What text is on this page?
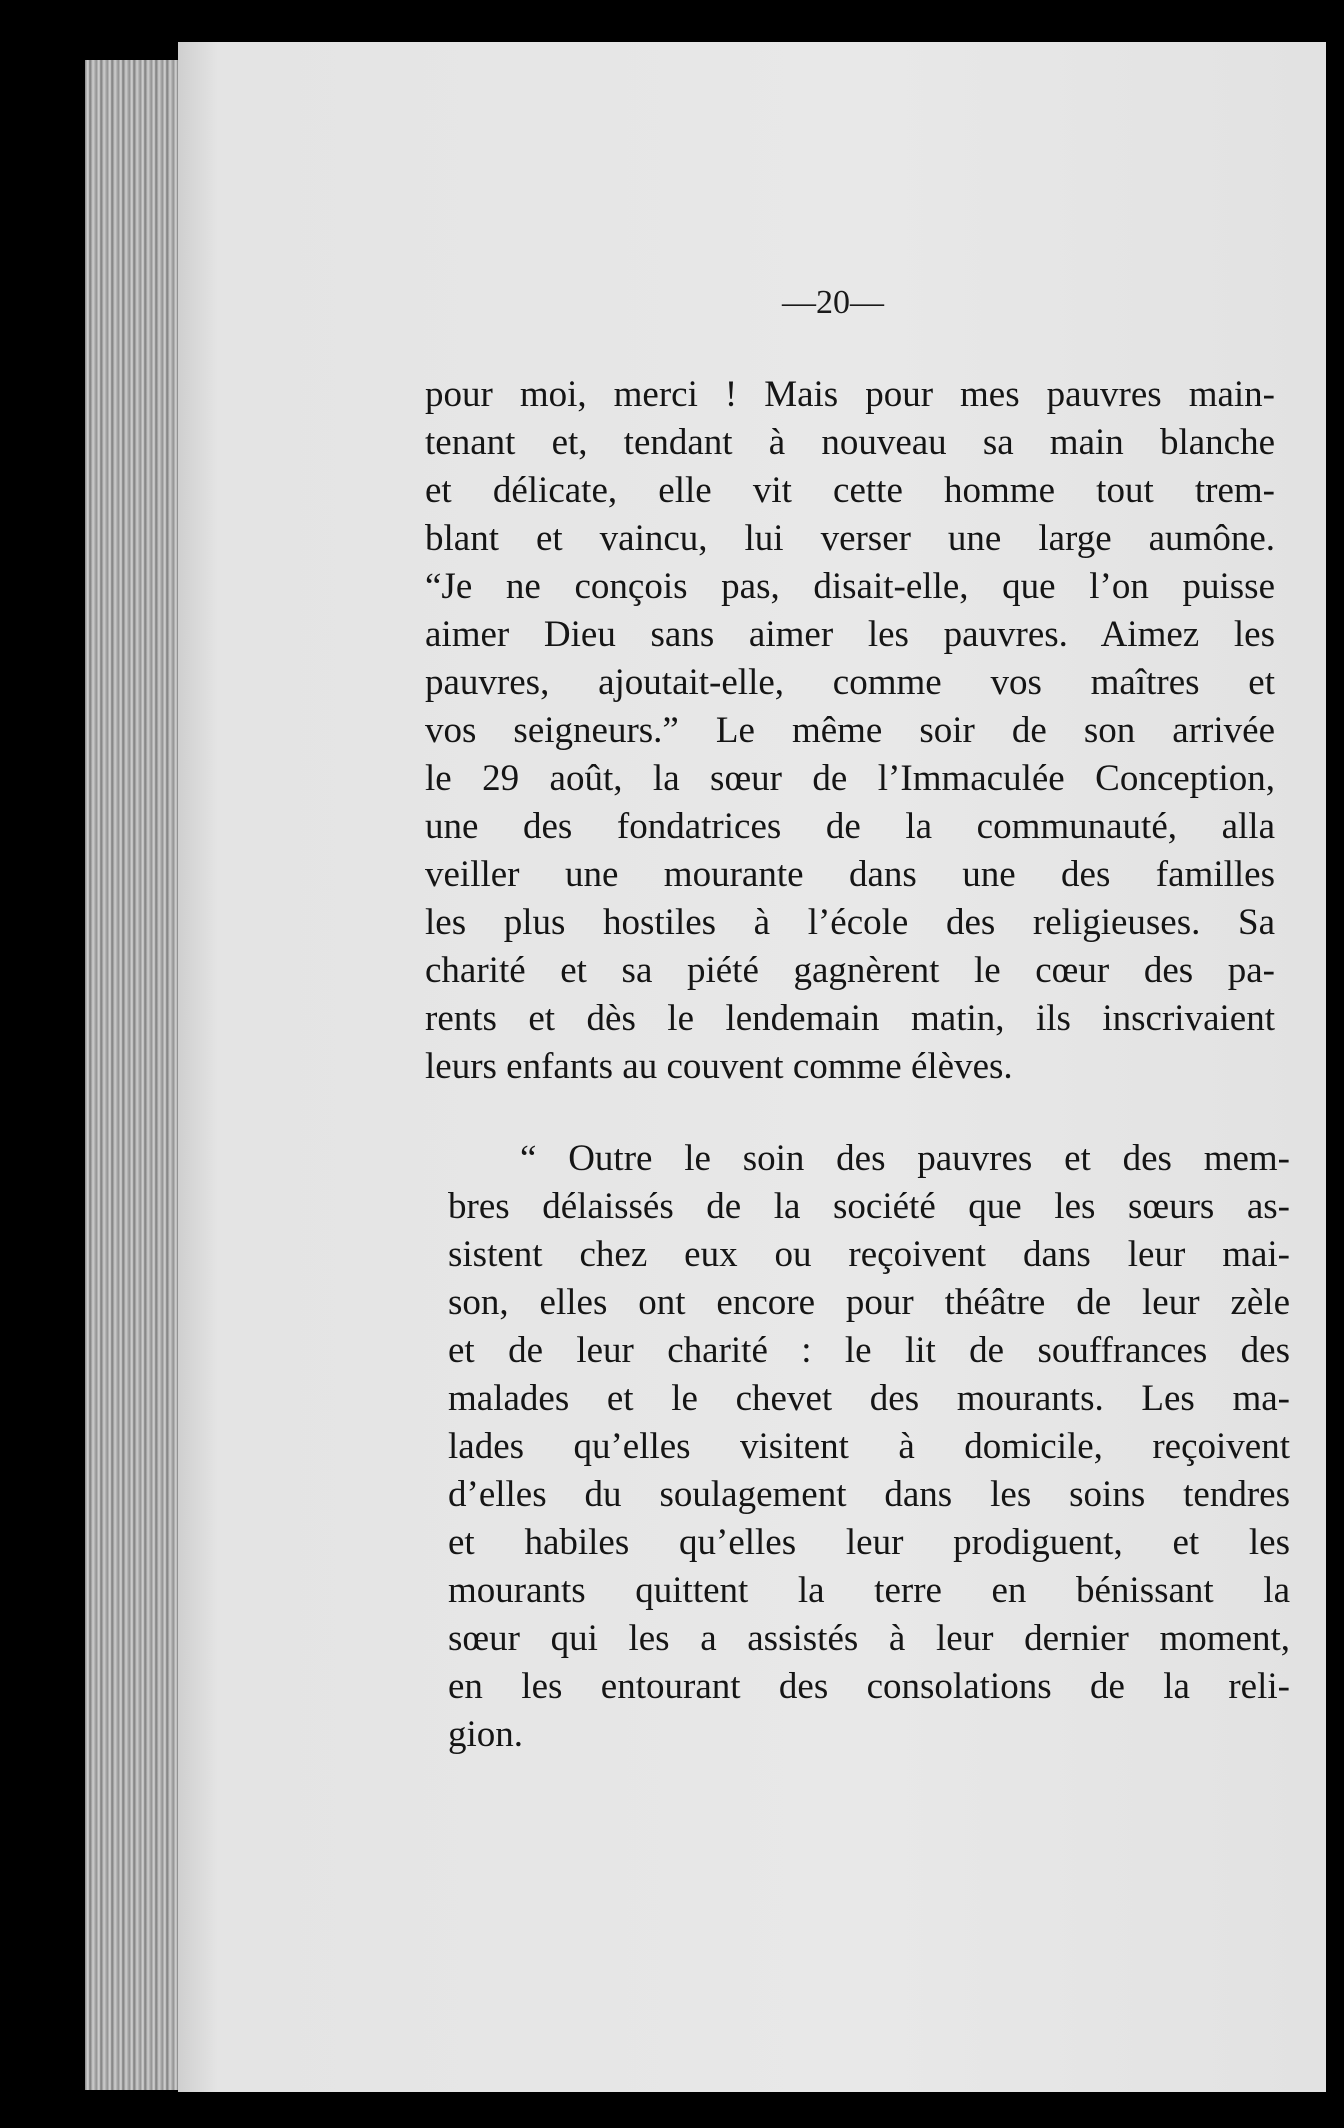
—20—
pour moi, merci ! Mais pour mes pauvres main-
tenant et, tendant à nouveau sa main blanche
et délicate, elle vit cette homme tout trem-
blant et vaincu, lui verser une large aumône.
“Je ne conçois pas, disait-elle, que l’on puisse
aimer Dieu sans aimer les pauvres. Aimez les
pauvres, ajoutait-elle, comme vos maîtres et
vos seigneurs.” Le même soir de son arrivée
le 29 août, la sœur de l’Immaculée Conception,
une des fondatrices de la communauté, alla
veiller une mourante dans une des familles
les plus hostiles à l’école des religieuses. Sa
charité et sa piété gagnèrent le cœur des pa-
rents et dès le lendemain matin, ils inscrivaient
leurs enfants au couvent comme élèves.
“ Outre le soin des pauvres et des mem-
bres délaissés de la société que les sœurs as-
sistent chez eux ou reçoivent dans leur mai-
son, elles ont encore pour théâtre de leur zèle
et de leur charité : le lit de souffrances des
malades et le chevet des mourants. Les ma-
lades qu’elles visitent à domicile, reçoivent
d’elles du soulagement dans les soins tendres
et habiles qu’elles leur prodiguent, et les
mourants quittent la terre en bénissant la
sœur qui les a assistés à leur dernier moment,
en les entourant des consolations de la reli-
gion.
